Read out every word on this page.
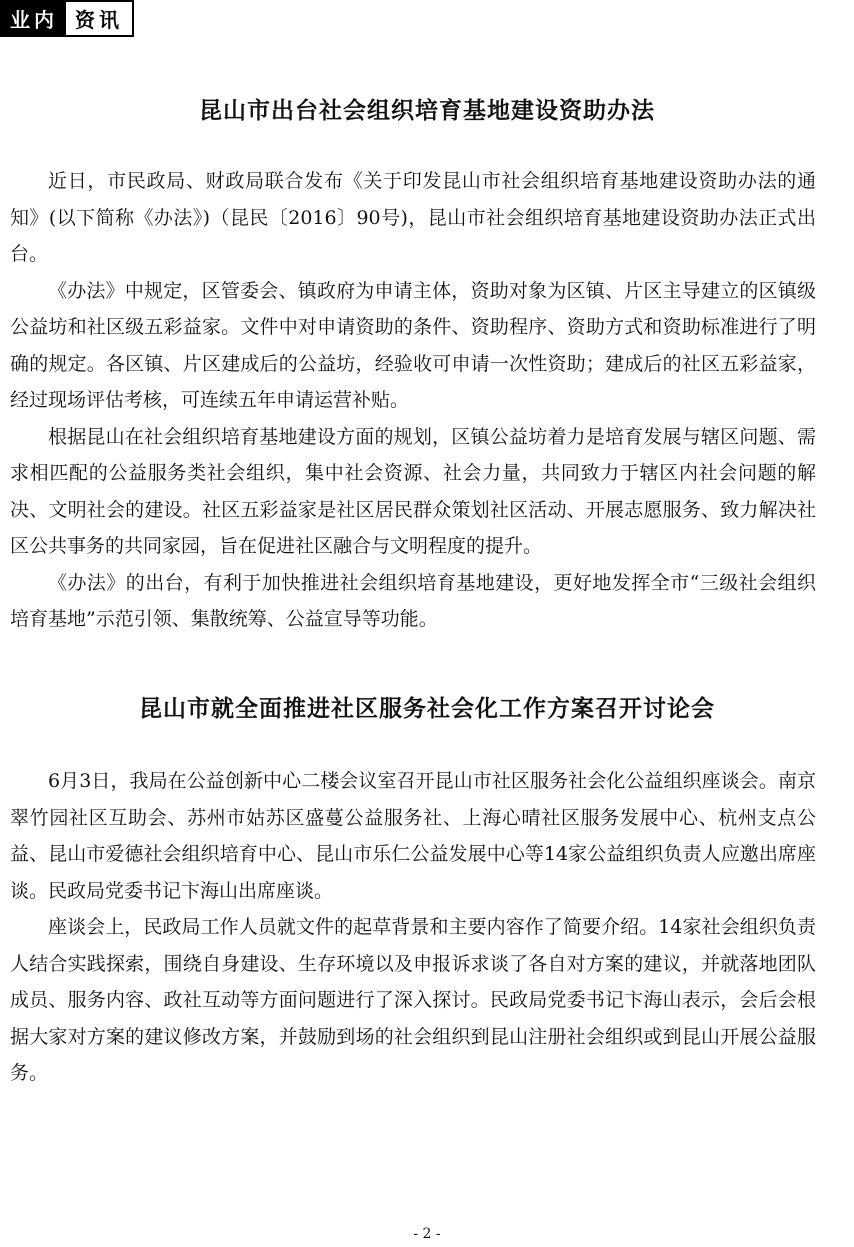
业内 资讯
昆山市出台社会组织培育基地建设资助办法

近日，市民政局、财政局联合发布《关于印发昆山市社会组织培育基地建设资助办法的通知》(以下简称《办法》)（昆民〔2016〕90号)，昆山市社会组织培育基地建设资助办法正式出台。

《办法》中规定，区管委会、镇政府为申请主体，资助对象为区镇、片区主导建立的区镇级公益坊和社区级五彩益家。文件中对申请资助的条件、资助程序、资助方式和资助标准进行了明确的规定。各区镇、片区建成后的公益坊，经验收可申请一次性资助；建成后的社区五彩益家，经过现场评估考核，可连续五年申请运营补贴。

根据昆山在社会组织培育基地建设方面的规划，区镇公益坊着力是培育发展与辖区问题、需求相匹配的公益服务类社会组织，集中社会资源、社会力量，共同致力于辖区内社会问题的解决、文明社会的建设。社区五彩益家是社区居民群众策划社区活动、开展志愿服务、致力解决社区公共事务的共同家园，旨在促进社区融合与文明程度的提升。

《办法》的出台，有利于加快推进社会组织培育基地建设，更好地发挥全市“三级社会组织培育基地”示范引领、集散统筹、公益宣导等功能。

昆山市就全面推进社区服务社会化工作方案召开讨论会

6月3日，我局在公益创新中心二楼会议室召开昆山市社区服务社会化公益组织座谈会。南京翠竹园社区互助会、苏州市姑苏区盛蔓公益服务社、上海心晴社区服务发展中心、杭州支点公益、昆山市爱德社会组织培育中心、昆山市乐仁公益发展中心等14家公益组织负责人应邀出席座谈。民政局党委书记卞海山出席座谈。

座谈会上，民政局工作人员就文件的起草背景和主要内容作了简要介绍。14家社会组织负责人结合实践探索，围绕自身建设、生存环境以及申报诉求谈了各自对方案的建议，并就落地团队成员、服务内容、政社互动等方面问题进行了深入探讨。民政局党委书记卞海山表示，会后会根据大家对方案的建议修改方案，并鼓励到场的社会组织到昆山注册社会组织或到昆山开展公益服务。

- 2 -
